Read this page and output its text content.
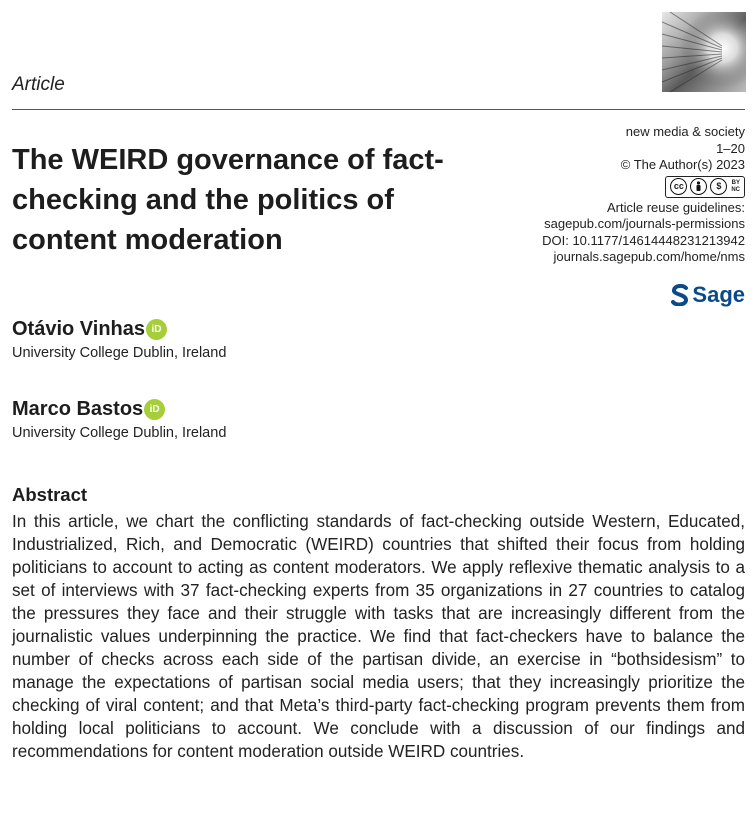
Article
The WEIRD governance of fact-checking and the politics of content moderation
new media & society
1–20
© The Author(s) 2023
cc	$	BY
NC
Article reuse guidelines:
sagepub.com/journals-permissions
DOI: 10.1177/14614448231213942
journals.sagepub.com/home/nms
Sage
Otávio Vinhas iD
University College Dublin, Ireland
Marco Bastos iD
University College Dublin, Ireland
Abstract

In this article, we chart the conflicting standards of fact-checking outside Western, Educated, Industrialized, Rich, and Democratic (WEIRD) countries that shifted their focus from holding politicians to account to acting as content moderators. We apply reflexive thematic analysis to a set of interviews with 37 fact-checking experts from 35 organizations in 27 countries to catalog the pressures they face and their struggle with tasks that are increasingly different from the journalistic values underpinning the practice. We find that fact-checkers have to balance the number of checks across each side of the partisan divide, an exercise in “bothsidesism” to manage the expectations of partisan social media users; that they increasingly prioritize the checking of viral content; and that Meta’s third-party fact-checking program prevents them from holding local politicians to account. We conclude with a discussion of our findings and recommendations for content moderation outside WEIRD countries.
